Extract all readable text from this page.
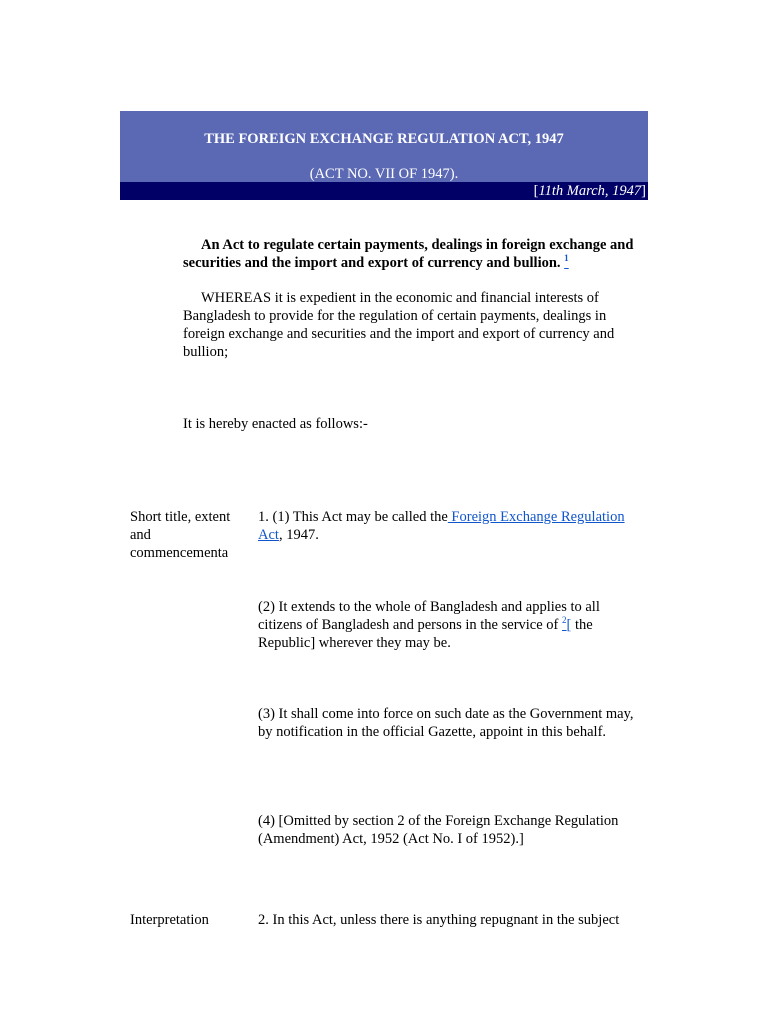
THE FOREIGN EXCHANGE REGULATION ACT, 1947
(ACT NO. VII OF 1947).
[11th March, 1947]
An Act to regulate certain payments, dealings in foreign exchange and securities and the import and export of currency and bullion. $^1$
WHEREAS it is expedient in the economic and financial interests of Bangladesh to provide for the regulation of certain payments, dealings in foreign exchange and securities and the import and export of currency and bullion;
It is hereby enacted as follows:-
Short title, extent and commencementa
1. (1) This Act may be called the Foreign Exchange Regulation Act, 1947.
(2) It extends to the whole of Bangladesh and applies to all citizens of Bangladesh and persons in the service of $^2$[ the Republic] wherever they may be.
(3) It shall come into force on such date as the Government may, by notification in the official Gazette, appoint in this behalf.
(4) [Omitted by section 2 of the Foreign Exchange Regulation (Amendment) Act, 1952 (Act No. I of 1952).]
Interpretation	2. In this Act, unless there is anything repugnant in the subject
